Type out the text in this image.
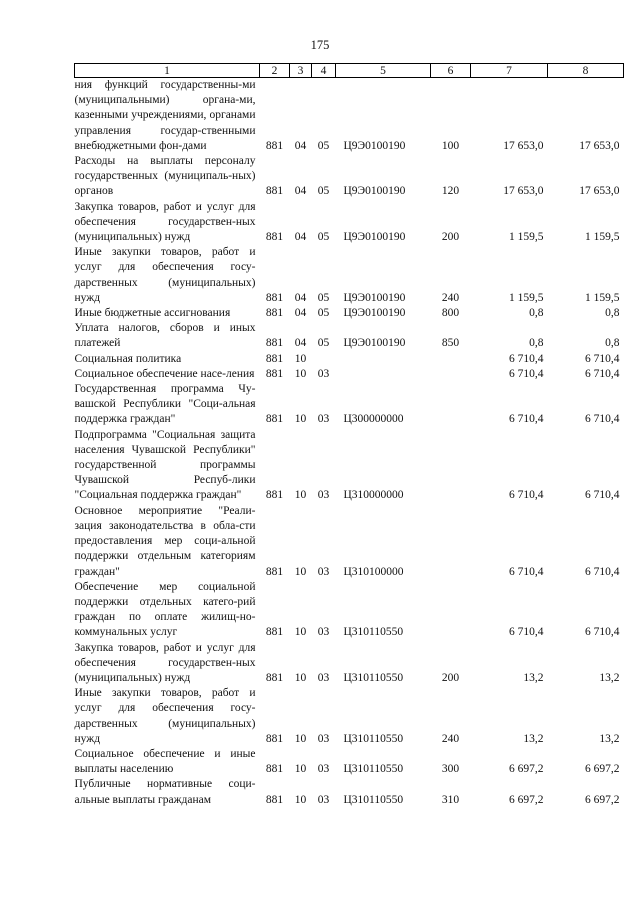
175
1	2	3	4	5	6	7	8
ния функций государственны-ми (муниципальными) органа-ми, казенными учреждениями, органами управления государ-ственными внебюджетными фон-дами	881	04	05	Ц9Э0100190	100	17 653,0	17 653,0
Расходы на выплаты персоналу государственных (муниципаль-ных) органов	881	04	05	Ц9Э0100190	120	17 653,0	17 653,0
Закупка товаров, работ и услуг для обеспечения государствен-ных (муниципальных) нужд	881	04	05	Ц9Э0100190	200	1 159,5	1 159,5
Иные закупки товаров, работ и услуг для обеспечения госу-дарственных (муниципальных) нужд	881	04	05	Ц9Э0100190	240	1 159,5	1 159,5
Иные бюджетные ассигнования	881	04	05	Ц9Э0100190	800	0,8	0,8
Уплата налогов, сборов и иных платежей	881	04	05	Ц9Э0100190	850	0,8	0,8
Социальная политика	881	10				6 710,4	6 710,4
Социальное обеспечение насе-ления	881	10	03			6 710,4	6 710,4
Государственная программа Чу-вашской Республики "Соци-альная поддержка граждан"	881	10	03	Ц300000000		6 710,4	6 710,4
Подпрограмма "Социальная защита населения Чувашской Республики" государственной программы Чувашской Респуб-лики "Социальная поддержка граждан"	881	10	03	Ц310000000		6 710,4	6 710,4
Основное мероприятие "Реали-зация законодательства в обла-сти предоставления мер соци-альной поддержки отдельным категориям граждан"	881	10	03	Ц310100000		6 710,4	6 710,4
Обеспечение мер социальной поддержки отдельных катего-рий граждан по оплате жилищ-но-коммунальных услуг	881	10	03	Ц310110550		6 710,4	6 710,4
Закупка товаров, работ и услуг для обеспечения государствен-ных (муниципальных) нужд	881	10	03	Ц310110550	200	13,2	13,2
Иные закупки товаров, работ и услуг для обеспечения госу-дарственных (муниципальных) нужд	881	10	03	Ц310110550	240	13,2	13,2
Социальное обеспечение и иные выплаты населению	881	10	03	Ц310110550	300	6 697,2	6 697,2
Публичные нормативные соци-альные выплаты гражданам	881	10	03	Ц310110550	310	6 697,2	6 697,2
